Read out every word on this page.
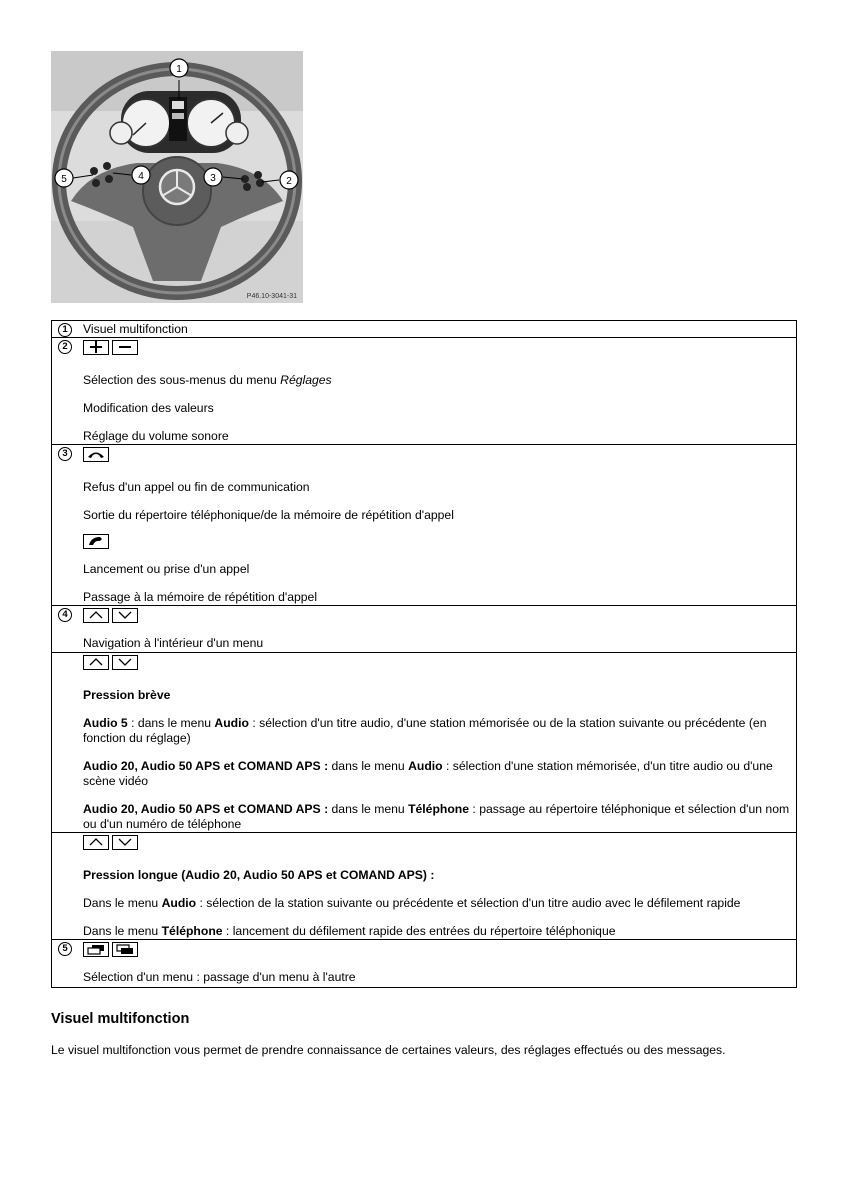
1
2
3
4
5
P46.10-3041-31
1	Visuel multifonction

2	Sélection des sous-menus du menu Réglages

Modification des valeurs

Réglage du volume sonore

3	Refus d'un appel ou fin de communication

Sortie du répertoire téléphonique/de la mémoire de répétition d'appel

Lancement ou prise d'un appel

Passage à la mémoire de répétition d'appel

4	Navigation à l'intérieur d'un menu

	Pression brève

Audio 5 : dans le menu Audio : sélection d'un titre audio, d'une station mémorisée ou de la station suivante ou précédente (en fonction du réglage)

Audio 20, Audio 50 APS et COMAND APS : dans le menu Audio : sélection d'une station mémorisée, d'un titre audio ou d'une scène vidéo

Audio 20, Audio 50 APS et COMAND APS : dans le menu Téléphone : passage au répertoire téléphonique et sélection d'un nom ou d'un numéro de téléphone

	Pression longue (Audio 20, Audio 50 APS et COMAND APS) :

Dans le menu Audio : sélection de la station suivante ou précédente et sélection d'un titre audio avec le défilement rapide

Dans le menu Téléphone : lancement du défilement rapide des entrées du répertoire téléphonique

5	Sélection d'un menu : passage d'un menu à l'autre

Visuel multifonction

Le visuel multifonction vous permet de prendre connaissance de certaines valeurs, des réglages effectués ou des messages.
